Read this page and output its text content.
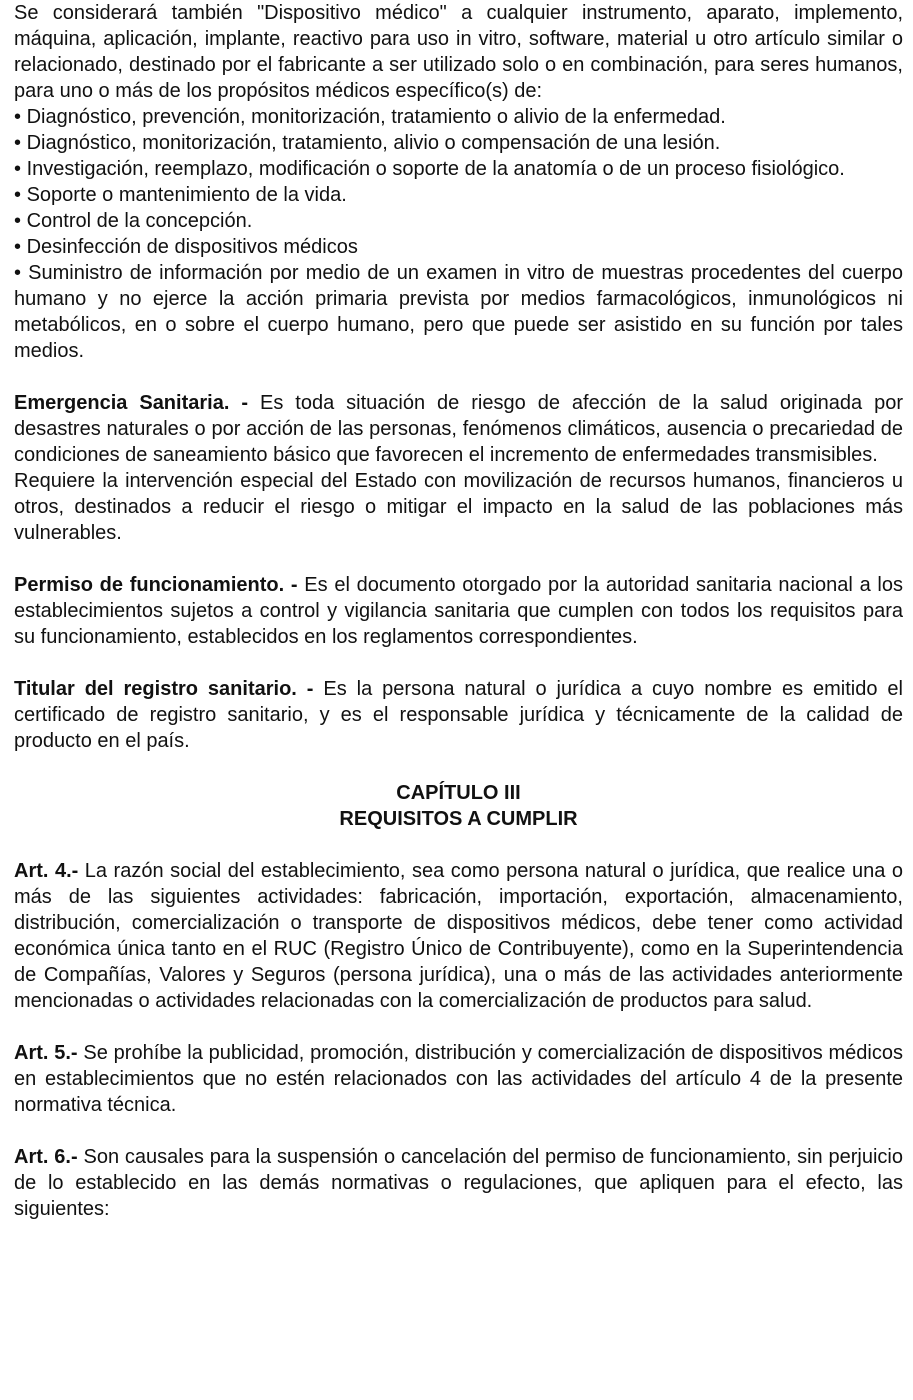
Se considerará también "Dispositivo médico" a cualquier instrumento, aparato, implemento, máquina, aplicación, implante, reactivo para uso in vitro, software, material u otro artículo similar o relacionado, destinado por el fabricante a ser utilizado solo o en combinación, para seres humanos, para uno o más de los propósitos médicos específico(s) de:

• Diagnóstico, prevención, monitorización, tratamiento o alivio de la enfermedad.

• Diagnóstico, monitorización, tratamiento, alivio o compensación de una lesión.

• Investigación, reemplazo, modificación o soporte de la anatomía o de un proceso fisiológico.

• Soporte o mantenimiento de la vida.

• Control de la concepción.

• Desinfección de dispositivos médicos

• Suministro de información por medio de un examen in vitro de muestras procedentes del cuerpo humano y no ejerce la acción primaria prevista por medios farmacológicos, inmunológicos ni metabólicos, en o sobre el cuerpo humano, pero que puede ser asistido en su función por tales medios.

Emergencia Sanitaria. - Es toda situación de riesgo de afección de la salud originada por desastres naturales o por acción de las personas, fenómenos climáticos, ausencia o precariedad de condiciones de saneamiento básico que favorecen el incremento de enfermedades transmisibles.

Requiere la intervención especial del Estado con movilización de recursos humanos, financieros u otros, destinados a reducir el riesgo o mitigar el impacto en la salud de las poblaciones más vulnerables.

Permiso de funcionamiento. - Es el documento otorgado por la autoridad sanitaria nacional a los establecimientos sujetos a control y vigilancia sanitaria que cumplen con todos los requisitos para su funcionamiento, establecidos en los reglamentos correspondientes.

Titular del registro sanitario. - Es la persona natural o jurídica a cuyo nombre es emitido el certificado de registro sanitario, y es el responsable jurídica y técnicamente de la calidad de producto en el país.

CAPÍTULO III

REQUISITOS A CUMPLIR

Art. 4.- La razón social del establecimiento, sea como persona natural o jurídica, que realice una o más de las siguientes actividades: fabricación, importación, exportación, almacenamiento, distribución, comercialización o transporte de dispositivos médicos, debe tener como actividad económica única tanto en el RUC (Registro Único de Contribuyente), como en la Superintendencia de Compañías, Valores y Seguros (persona jurídica), una o más de las actividades anteriormente mencionadas o actividades relacionadas con la comercialización de productos para salud.

Art. 5.- Se prohíbe la publicidad, promoción, distribución y comercialización de dispositivos médicos en establecimientos que no estén relacionados con las actividades del artículo 4 de la presente normativa técnica.

Art. 6.- Son causales para la suspensión o cancelación del permiso de funcionamiento, sin perjuicio de lo establecido en las demás normativas o regulaciones, que apliquen para el efecto, las siguientes:
